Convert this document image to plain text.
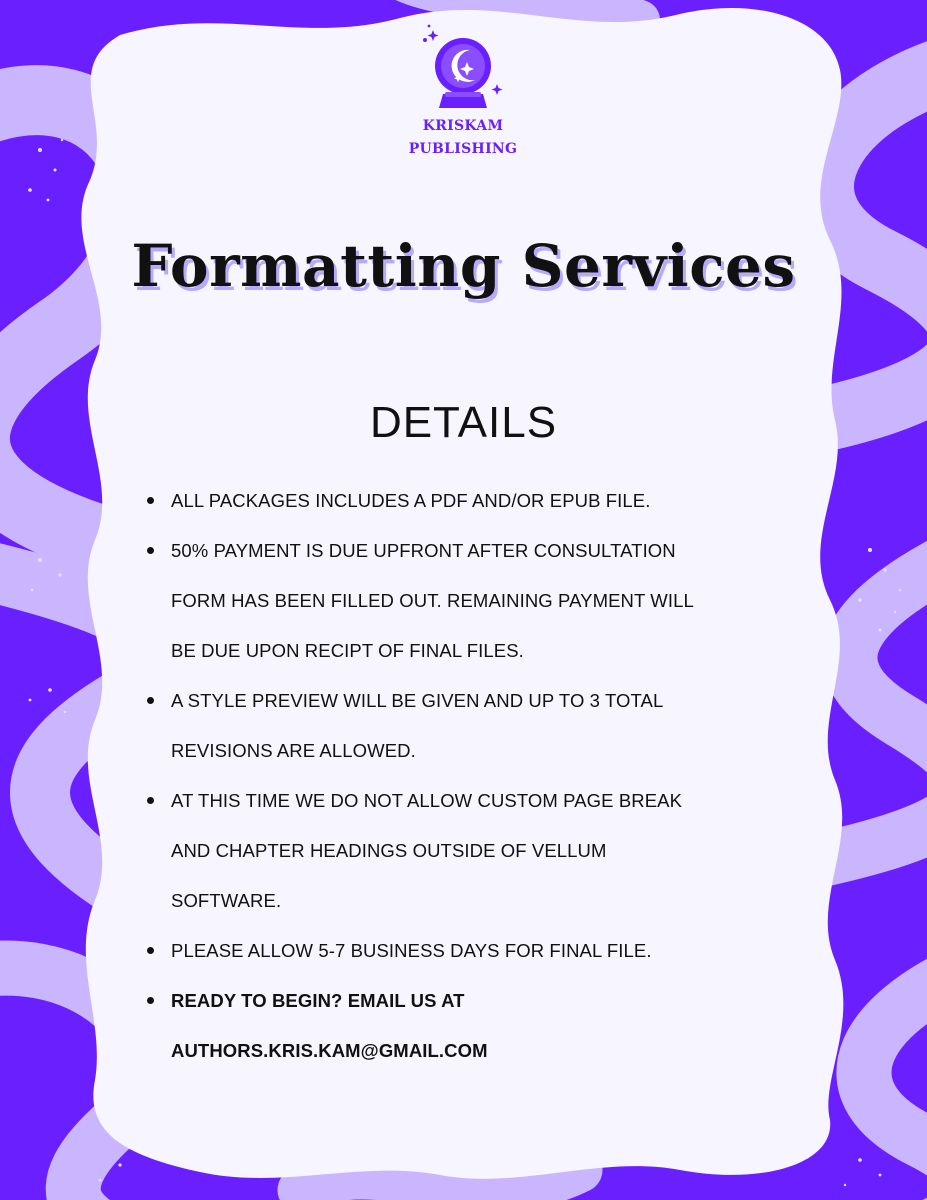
KRISKAM
PUBLISHING
Formatting Services
DETAILS
ALL PACKAGES INCLUDES A PDF AND/OR EPUB FILE.
50% PAYMENT IS DUE UPFRONT AFTER CONSULTATION
FORM HAS BEEN FILLED OUT. REMAINING PAYMENT WILL
BE DUE UPON RECIPT OF FINAL FILES.
A STYLE PREVIEW WILL BE GIVEN AND UP TO 3 TOTAL
REVISIONS ARE ALLOWED.
AT THIS TIME WE DO NOT ALLOW CUSTOM PAGE BREAK
AND CHAPTER HEADINGS OUTSIDE OF VELLUM
SOFTWARE.
PLEASE ALLOW 5-7 BUSINESS DAYS FOR FINAL FILE.
READY TO BEGIN? EMAIL US AT
AUTHORS.KRIS.KAM@GMAIL.COM
